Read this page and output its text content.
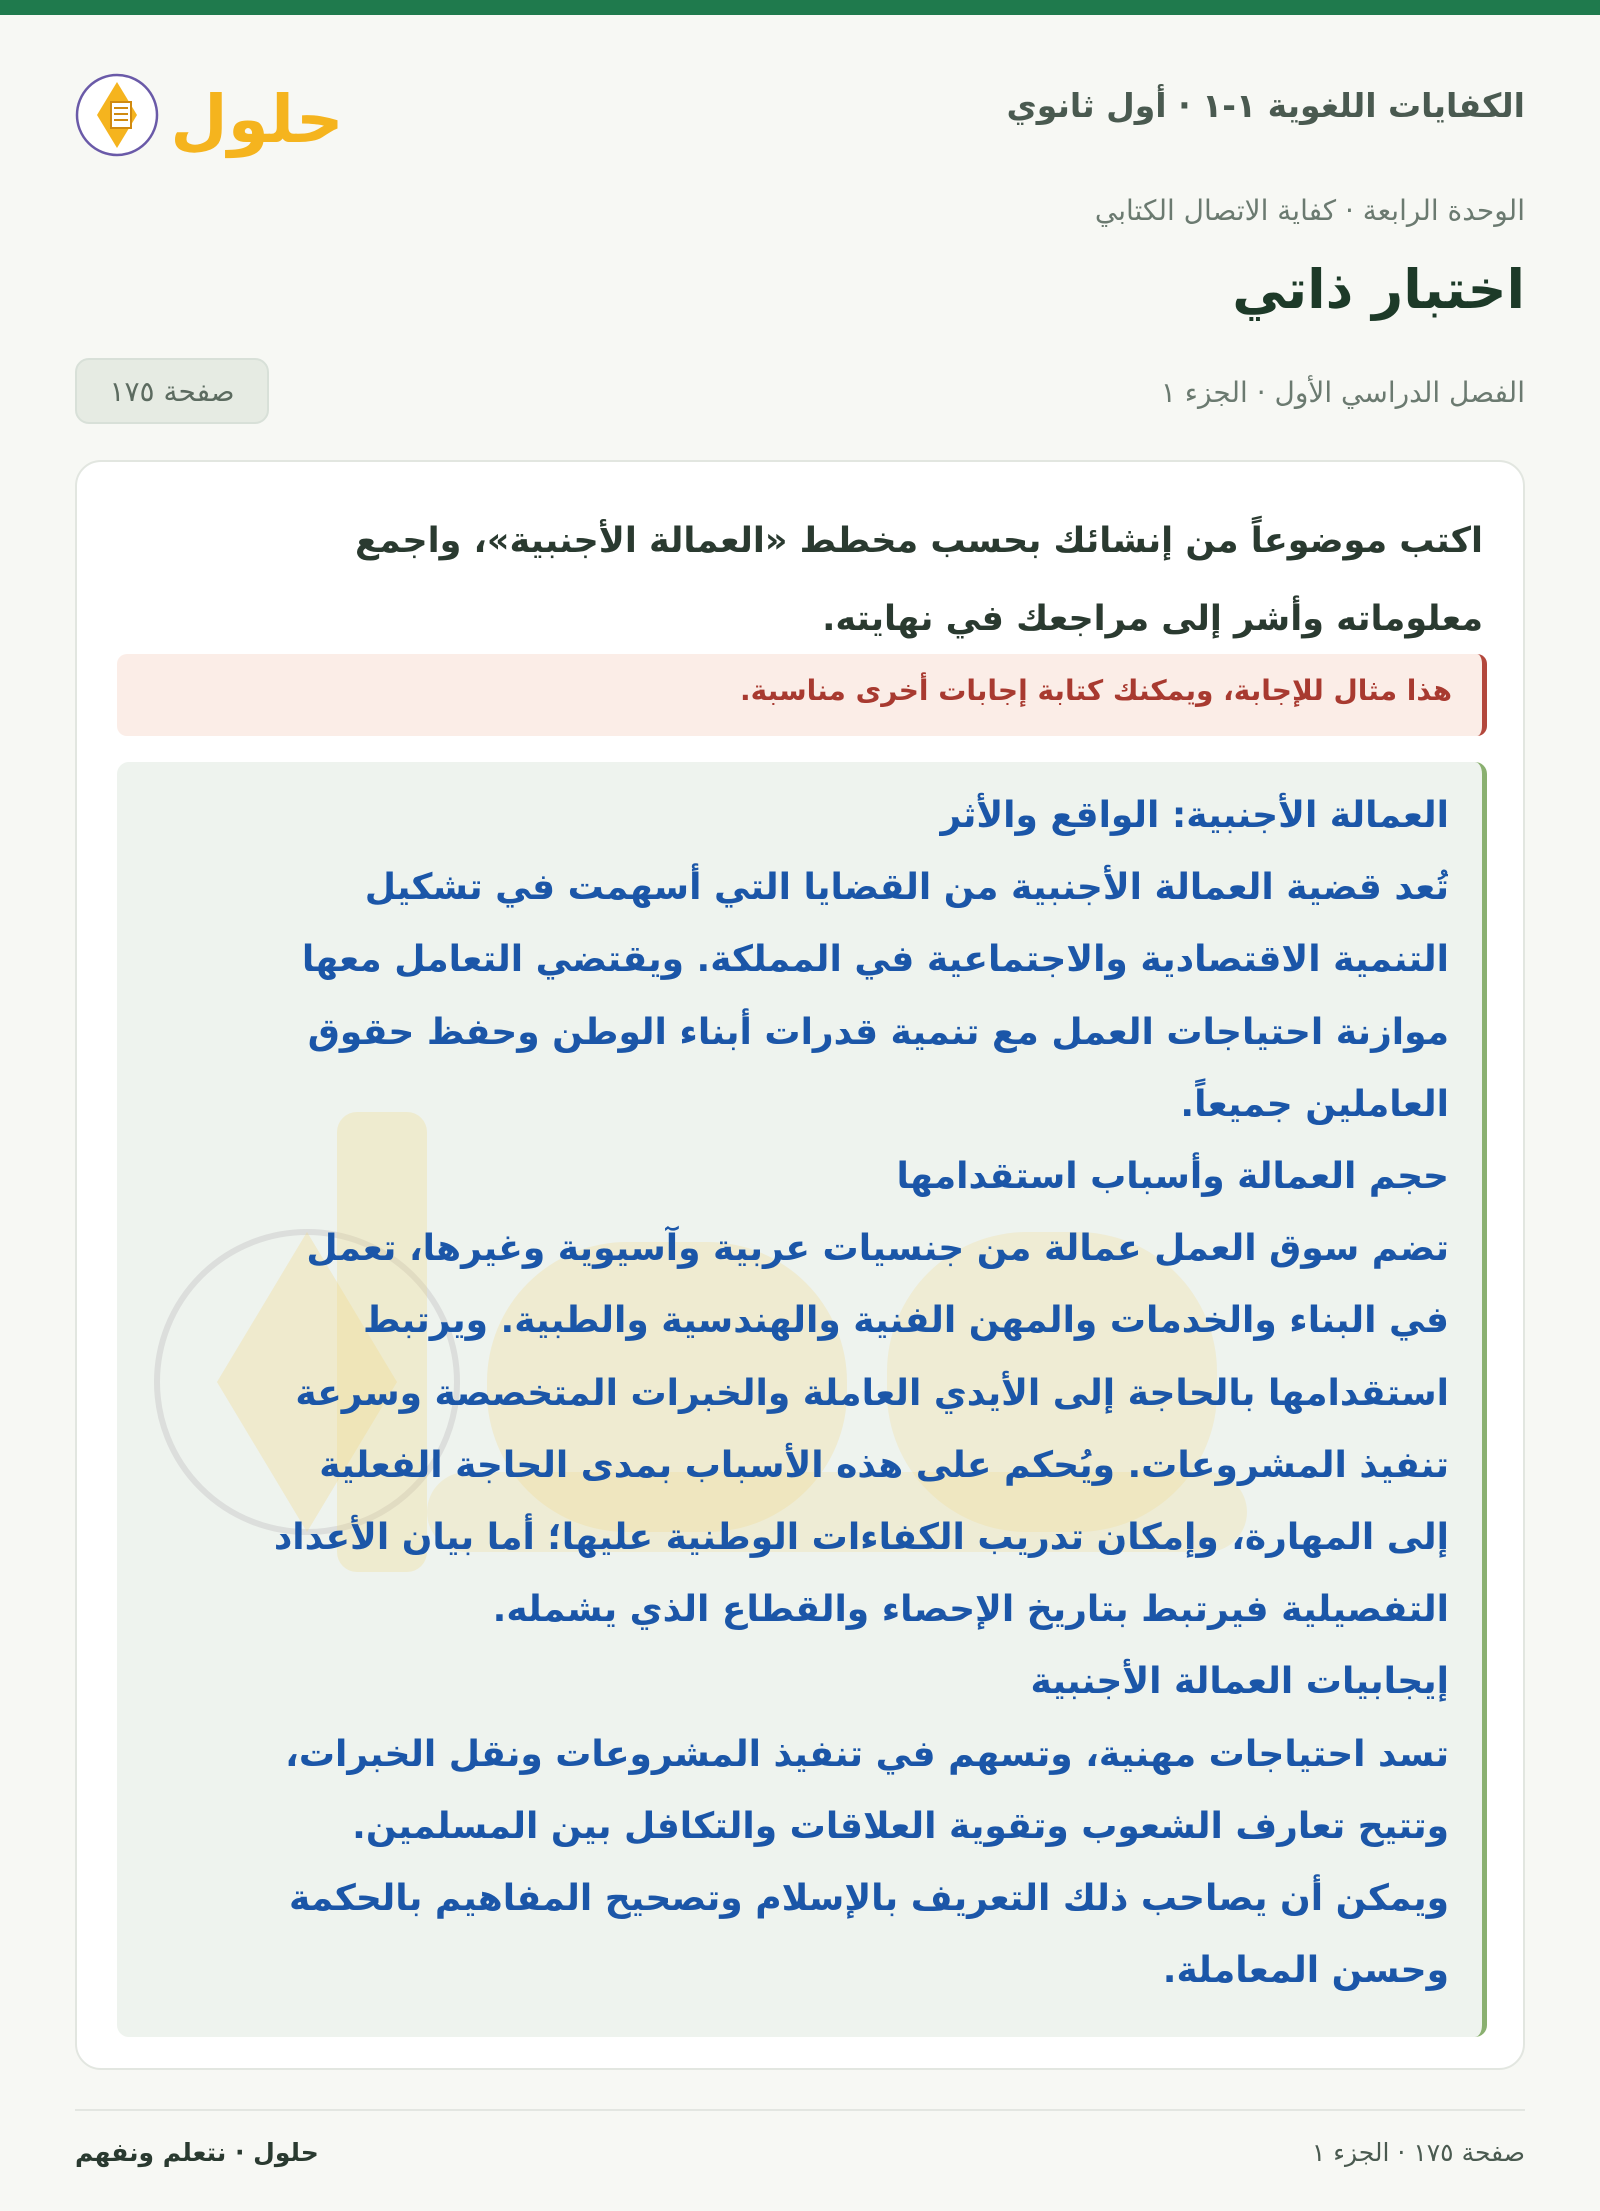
الكفايات اللغوية ١-١ · أول ثانوي
حلول
الوحدة الرابعة · كفاية الاتصال الكتابي
اختبار ذاتي
الفصل الدراسي الأول · الجزء ١
صفحة ١٧٥
اكتب موضوعاً من إنشائك بحسب مخطط «العمالة الأجنبية»، واجمع
معلوماته وأشر إلى مراجعك في نهايته.
هذا مثال للإجابة، ويمكنك كتابة إجابات أخرى مناسبة.
العمالة الأجنبية: الواقع والأثر
تُعد قضية العمالة الأجنبية من القضايا التي أسهمت في تشكيل
التنمية الاقتصادية والاجتماعية في المملكة. ويقتضي التعامل معها
موازنة احتياجات العمل مع تنمية قدرات أبناء الوطن وحفظ حقوق
العاملين جميعاً.
حجم العمالة وأسباب استقدامها
تضم سوق العمل عمالة من جنسيات عربية وآسيوية وغيرها، تعمل
في البناء والخدمات والمهن الفنية والهندسية والطبية. ويرتبط
استقدامها بالحاجة إلى الأيدي العاملة والخبرات المتخصصة وسرعة
تنفيذ المشروعات. ويُحكم على هذه الأسباب بمدى الحاجة الفعلية
إلى المهارة، وإمكان تدريب الكفاءات الوطنية عليها؛ أما بيان الأعداد
التفصيلية فيرتبط بتاريخ الإحصاء والقطاع الذي يشمله.
إيجابيات العمالة الأجنبية
تسد احتياجات مهنية، وتسهم في تنفيذ المشروعات ونقل الخبرات،
وتتيح تعارف الشعوب وتقوية العلاقات والتكافل بين المسلمين.
ويمكن أن يصاحب ذلك التعريف بالإسلام وتصحيح المفاهيم بالحكمة
وحسن المعاملة.
صفحة ١٧٥ · الجزء ١
حلول · نتعلم ونفهم
